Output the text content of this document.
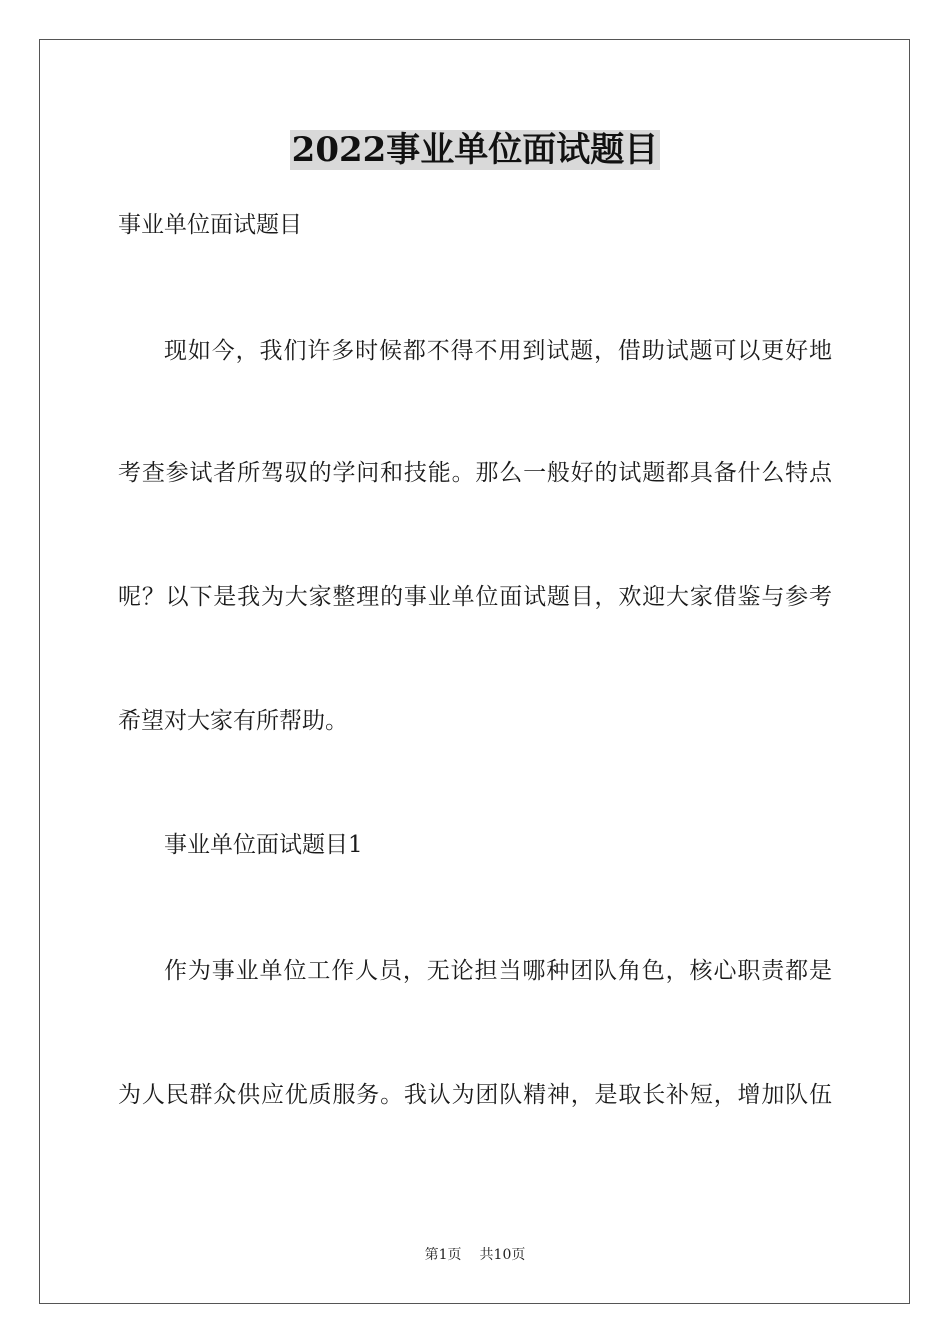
2022事业单位面试题目
事业单位面试题目
现如今，我们许多时候都不得不用到试题，借助试题可以更好地
考查参试者所驾驭的学问和技能。那么一般好的试题都具备什么特点
呢？以下是我为大家整理的事业单位面试题目，欢迎大家借鉴与参考
希望对大家有所帮助。
事业单位面试题目1
作为事业单位工作人员，无论担当哪种团队角色，核心职责都是
为人民群众供应优质服务。我认为团队精神，是取长补短，增加队伍
第1页 共10页
